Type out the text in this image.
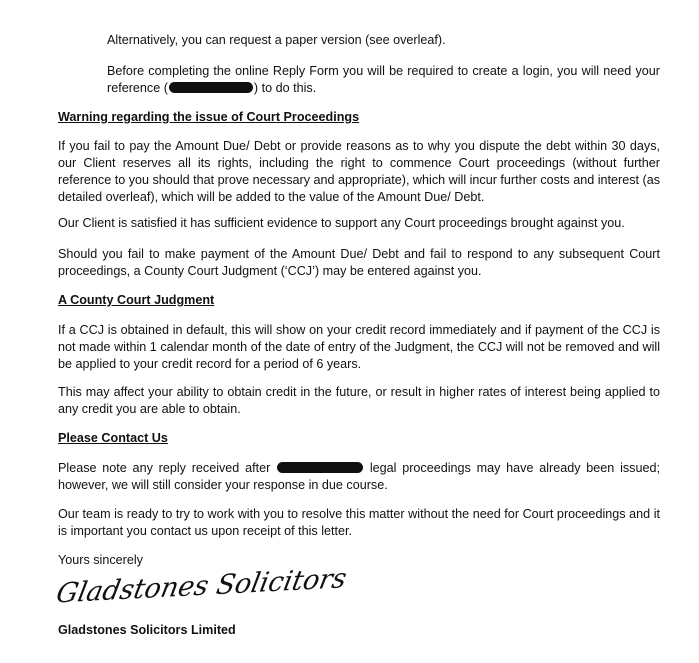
Alternatively, you can request a paper version (see overleaf).

Before completing the online Reply Form you will be required to create a login, you will need your reference (	) to do this.

Warning regarding the issue of Court Proceedings

If you fail to pay the Amount Due/ Debt or provide reasons as to why you dispute the debt within 30 days, our Client reserves all its rights, including the right to commence Court proceedings (without further reference to you should that prove necessary and appropriate), which will incur further costs and interest (as detailed overleaf), which will be added to the value of the Amount Due/ Debt.

Our Client is satisfied it has sufficient evidence to support any Court proceedings brought against you.

Should you fail to make payment of the Amount Due/ Debt and fail to respond to any subsequent Court proceedings, a County Court Judgment (‘CCJ’) may be entered against you.

A County Court Judgment

If a CCJ is obtained in default, this will show on your credit record immediately and if payment of the CCJ is not made within 1 calendar month of the date of entry of the Judgment, the CCJ will not be removed and will be applied to your credit record for a period of 6 years.

This may affect your ability to obtain credit in the future, or result in higher rates of interest being applied to any credit you are able to obtain.

Please Contact Us

Please note any reply received after	legal proceedings may have already been issued; however, we will still consider your response in due course.

Our team is ready to try to work with you to resolve this matter without the need for Court proceedings and it is important you contact us upon receipt of this letter.

Yours sincerely

Gladstones Solicitors
Gladstones Solicitors Limited
